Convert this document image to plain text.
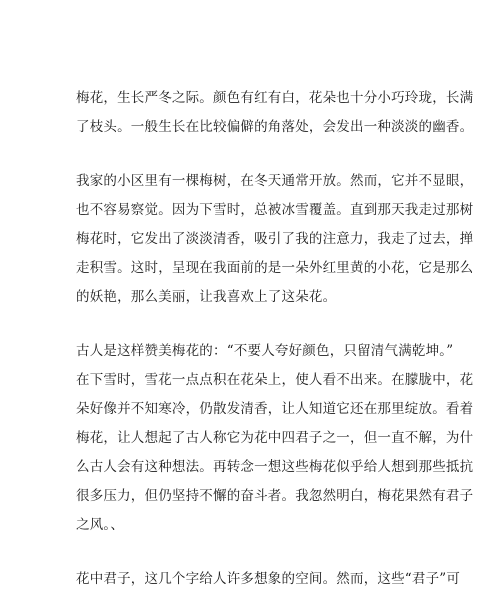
梅花，生长严冬之际。颜色有红有白，花朵也十分小巧玲珑，长满
了枝头。一般生长在比较偏僻的角落处，会发出一种淡淡的幽香。

我家的小区里有一棵梅树，在冬天通常开放。然而，它并不显眼，
也不容易察觉。因为下雪时，总被冰雪覆盖。直到那天我走过那树
梅花时，它发出了淡淡清香，吸引了我的注意力，我走了过去，掸
走积雪。这时，呈现在我面前的是一朵外红里黄的小花，它是那么
的妖艳，那么美丽，让我喜欢上了这朵花。

古人是这样赞美梅花的：“不要人夸好颜色，只留清气满乾坤。”
在下雪时，雪花一点点积在花朵上，使人看不出来。在朦胧中，花
朵好像并不知寒冷，仍散发清香，让人知道它还在那里绽放。看着
梅花，让人想起了古人称它为花中四君子之一，但一直不解，为什
么古人会有这种想法。再转念一想这些梅花似乎给人想到那些抵抗
很多压力，但仍坚持不懈的奋斗者。我忽然明白，梅花果然有君子
之风。、

花中君子，这几个字给人许多想象的空间。然而，这些“君子”可
